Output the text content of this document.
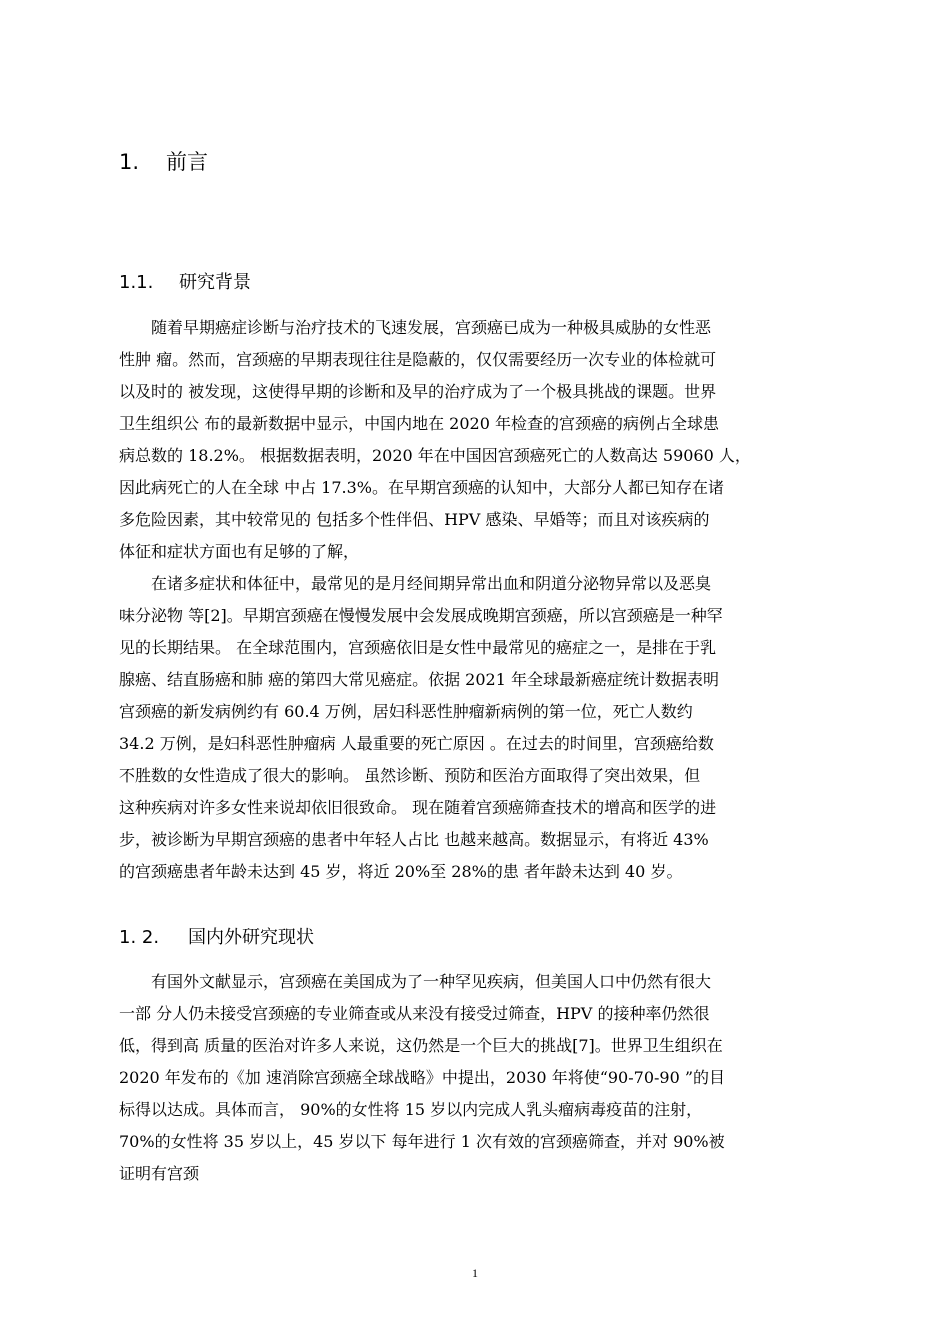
1. 前言
1.1. 研究背景
　　随着早期癌症诊断与治疗技术的飞速发展，宫颈癌已成为一种极具威胁的女性恶
性肿 瘤。然而，宫颈癌的早期表现往往是隐蔽的，仅仅需要经历一次专业的体检就可
以及时的 被发现，这使得早期的诊断和及早的治疗成为了一个极具挑战的课题。世界
卫生组织公 布的最新数据中显示，中国内地在 2020 年检查的宫颈癌的病例占全球患
病总数的 18.2%。 根据数据表明，2020 年在中国因宫颈癌死亡的人数高达 59060 人，
因此病死亡的人在全球 中占 17.3%。在早期宫颈癌的认知中，大部分人都已知存在诸
多危险因素，其中较常见的 包括多个性伴侣、HPV 感染、早婚等；而且对该疾病的
体征和症状方面也有足够的了解，
　　在诸多症状和体征中，最常见的是月经间期异常出血和阴道分泌物异常以及恶臭
味分泌物 等[2]。早期宫颈癌在慢慢发展中会发展成晚期宫颈癌，所以宫颈癌是一种罕
见的长期结果。 在全球范围内，宫颈癌依旧是女性中最常见的癌症之一，是排在于乳
腺癌、结直肠癌和肺 癌的第四大常见癌症。依据 2021 年全球最新癌症统计数据表明
宫颈癌的新发病例约有 60.4 万例，居妇科恶性肿瘤新病例的第一位，死亡人数约
34.2 万例，是妇科恶性肿瘤病 人最重要的死亡原因 。在过去的时间里，宫颈癌给数
不胜数的女性造成了很大的影响。 虽然诊断、预防和医治方面取得了突出效果，但
这种疾病对许多女性来说却依旧很致命。 现在随着宫颈癌筛查技术的增高和医学的进
步，被诊断为早期宫颈癌的患者中年轻人占比 也越来越高。数据显示，有将近 43%
的宫颈癌患者年龄未达到 45 岁，将近 20%至 28%的患 者年龄未达到 40 岁。
1. 2. 国内外研究现状
　　有国外文献显示，宫颈癌在美国成为了一种罕见疾病，但美国人口中仍然有很大
一部 分人仍未接受宫颈癌的专业筛查或从来没有接受过筛查，HPV 的接种率仍然很
低，得到高 质量的医治对许多人来说，这仍然是一个巨大的挑战[7]。世界卫生组织在
2020 年发布的《加 速消除宫颈癌全球战略》中提出，2030 年将使“90-70-90 ”的目
标得以达成。具体而言， 90%的女性将 15 岁以内完成人乳头瘤病毒疫苗的注射，
70%的女性将 35 岁以上，45 岁以下 每年进行 1 次有效的宫颈癌筛查，并对 90%被
证明有宫颈
1
